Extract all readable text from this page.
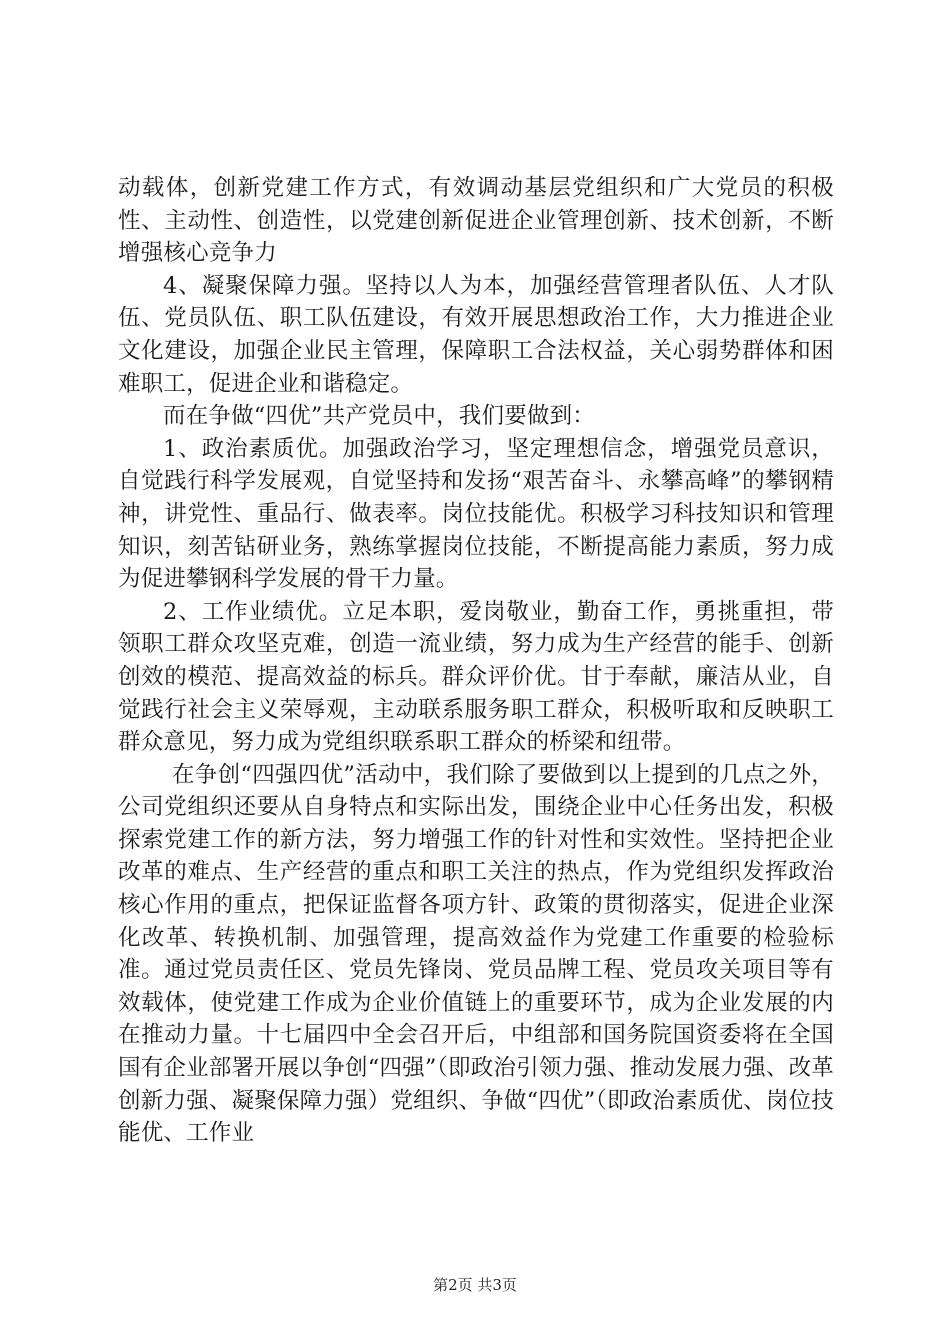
动载体，创新党建工作方式，有效调动基层党组织和广大党员的积极性、主动性、创造性，以党建创新促进企业管理创新、技术创新，不断增强核心竞争力

4、凝聚保障力强。坚持以人为本，加强经营管理者队伍、人才队伍、党员队伍、职工队伍建设，有效开展思想政治工作，大力推进企业文化建设，加强企业民主管理，保障职工合法权益，关心弱势群体和困难职工，促进企业和谐稳定。

而在争做“四优”共产党员中，我们要做到：

1、政治素质优。加强政治学习，坚定理想信念，增强党员意识，自觉践行科学发展观，自觉坚持和发扬“艰苦奋斗、永攀高峰”的攀钢精神，讲党性、重品行、做表率。岗位技能优。积极学习科技知识和管理知识，刻苦钻研业务，熟练掌握岗位技能，不断提高能力素质，努力成为促进攀钢科学发展的骨干力量。

2、工作业绩优。立足本职，爱岗敬业，勤奋工作，勇挑重担，带领职工群众攻坚克难，创造一流业绩，努力成为生产经营的能手、创新创效的模范、提高效益的标兵。群众评价优。甘于奉献，廉洁从业，自觉践行社会主义荣辱观，主动联系服务职工群众，积极听取和反映职工群众意见，努力成为党组织联系职工群众的桥梁和纽带。

在争创“四强四优”活动中，我们除了要做到以上提到的几点之外，公司党组织还要从自身特点和实际出发，围绕企业中心任务出发，积极探索党建工作的新方法，努力增强工作的针对性和实效性。坚持把企业改革的难点、生产经营的重点和职工关注的热点，作为党组织发挥政治核心作用的重点，把保证监督各项方针、政策的贯彻落实，促进企业深化改革、转换机制、加强管理，提高效益作为党建工作重要的检验标准。通过党员责任区、党员先锋岗、党员品牌工程、党员攻关项目等有效载体，使党建工作成为企业价值链上的重要环节，成为企业发展的内在推动力量。十七届四中全会召开后，中组部和国务院国资委将在全国国有企业部署开展以争创“四强”（即政治引领力强、推动发展力强、改革创新力强、凝聚保障力强）党组织、争做“四优”（即政治素质优、岗位技能优、工作业

第2页 共3页
